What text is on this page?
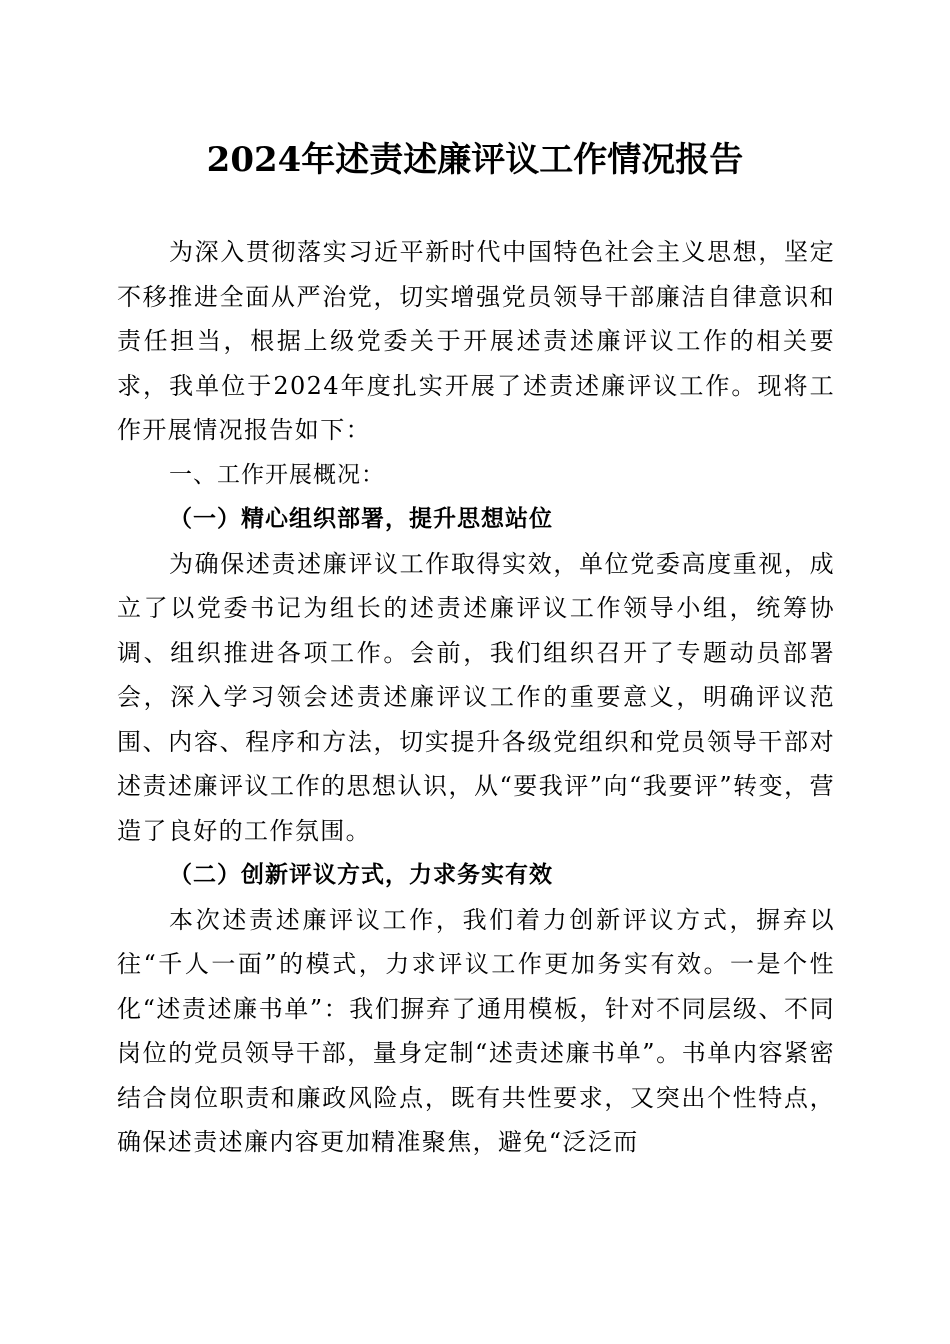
2024年述责述廉评议工作情况报告

为深入贯彻落实习近平新时代中国特色社会主义思想，坚定不移推进全面从严治党，切实增强党员领导干部廉洁自律意识和责任担当，根据上级党委关于开展述责述廉评议工作的相关要求，我单位于2024年度扎实开展了述责述廉评议工作。现将工作开展情况报告如下：

一、工作开展概况：

（一）精心组织部署，提升思想站位

为确保述责述廉评议工作取得实效，单位党委高度重视，成立了以党委书记为组长的述责述廉评议工作领导小组，统筹协调、组织推进各项工作。会前，我们组织召开了专题动员部署会，深入学习领会述责述廉评议工作的重要意义，明确评议范围、内容、程序和方法，切实提升各级党组织和党员领导干部对述责述廉评议工作的思想认识，从“要我评”向“我要评”转变，营造了良好的工作氛围。

（二）创新评议方式，力求务实有效

本次述责述廉评议工作，我们着力创新评议方式，摒弃以往“千人一面”的模式，力求评议工作更加务实有效。一是个性化“述责述廉书单”：我们摒弃了通用模板，针对不同层级、不同岗位的党员领导干部，量身定制“述责述廉书单”。书单内容紧密结合岗位职责和廉政风险点，既有共性要求，又突出个性特点，确保述责述廉内容更加精准聚焦，避免“泛泛而
